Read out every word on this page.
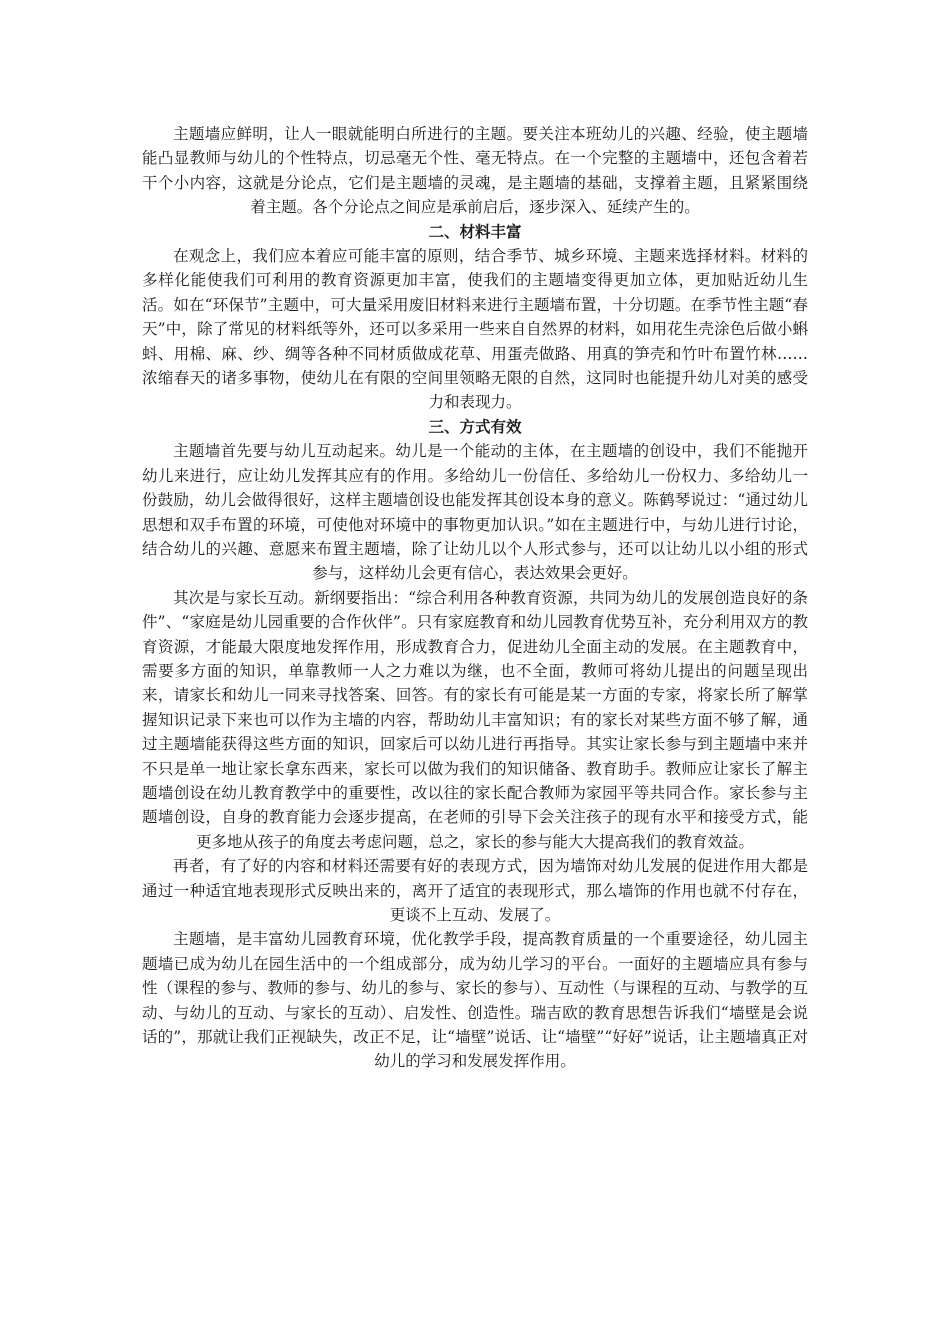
主题墙应鲜明，让人一眼就能明白所进行的主题。要关注本班幼儿的兴趣、经验，使主题墙能凸显教师与幼儿的个性特点，切忌毫无个性、毫无特点。在一个完整的主题墙中，还包含着若干个小内容，这就是分论点，它们是主题墙的灵魂，是主题墙的基础，支撑着主题，且紧紧围绕着主题。各个分论点之间应是承前启后，逐步深入、延续产生的。

二、材料丰富

在观念上，我们应本着应可能丰富的原则，结合季节、城乡环境、主题来选择材料。材料的多样化能使我们可利用的教育资源更加丰富，使我们的主题墙变得更加立体，更加贴近幼儿生活。如在“环保节”主题中，可大量采用废旧材料来进行主题墙布置，十分切题。在季节性主题“春天”中，除了常见的材料纸等外，还可以多采用一些来自自然界的材料，如用花生壳涂色后做小蝌蚪、用棉、麻、纱、绸等各种不同材质做成花草、用蛋壳做路、用真的笋壳和竹叶布置竹林……浓缩春天的诸多事物，使幼儿在有限的空间里领略无限的自然，这同时也能提升幼儿对美的感受力和表现力。

三、方式有效

主题墙首先要与幼儿互动起来。幼儿是一个能动的主体，在主题墙的创设中，我们不能抛开幼儿来进行，应让幼儿发挥其应有的作用。多给幼儿一份信任、多给幼儿一份权力、多给幼儿一份鼓励，幼儿会做得很好，这样主题墙创设也能发挥其创设本身的意义。陈鹤琴说过：“通过幼儿思想和双手布置的环境，可使他对环境中的事物更加认识。”如在主题进行中，与幼儿进行讨论，结合幼儿的兴趣、意愿来布置主题墙，除了让幼儿以个人形式参与，还可以让幼儿以小组的形式参与，这样幼儿会更有信心，表达效果会更好。

其次是与家长互动。新纲要指出：“综合利用各种教育资源，共同为幼儿的发展创造良好的条件”、“家庭是幼儿园重要的合作伙伴”。只有家庭教育和幼儿园教育优势互补，充分利用双方的教育资源，才能最大限度地发挥作用，形成教育合力，促进幼儿全面主动的发展。在主题教育中，需要多方面的知识，单靠教师一人之力难以为继，也不全面，教师可将幼儿提出的问题呈现出来，请家长和幼儿一同来寻找答案、回答。有的家长有可能是某一方面的专家，将家长所了解掌握知识记录下来也可以作为主墙的内容，帮助幼儿丰富知识；有的家长对某些方面不够了解，通过主题墙能获得这些方面的知识，回家后可以幼儿进行再指导。其实让家长参与到主题墙中来并不只是单一地让家长拿东西来，家长可以做为我们的知识储备、教育助手。教师应让家长了解主题墙创设在幼儿教育教学中的重要性，改以往的家长配合教师为家园平等共同合作。家长参与主题墙创设，自身的教育能力会逐步提高，在老师的引导下会关注孩子的现有水平和接受方式，能更多地从孩子的角度去考虑问题，总之，家长的参与能大大提高我们的教育效益。

再者，有了好的内容和材料还需要有好的表现方式，因为墙饰对幼儿发展的促进作用大都是通过一种适宜地表现形式反映出来的，离开了适宜的表现形式，那么墙饰的作用也就不付存在，更谈不上互动、发展了。

主题墙，是丰富幼儿园教育环境，优化教学手段，提高教育质量的一个重要途径，幼儿园主题墙已成为幼儿在园生活中的一个组成部分，成为幼儿学习的平台。一面好的主题墙应具有参与性（课程的参与、教师的参与、幼儿的参与、家长的参与）、互动性（与课程的互动、与教学的互动、与幼儿的互动、与家长的互动）、启发性、创造性。瑞吉欧的教育思想告诉我们“墙壁是会说话的”，那就让我们正视缺失，改正不足，让“墙壁”说话、让“墙壁”“好好”说话，让主题墙真正对幼儿的学习和发展发挥作用。
